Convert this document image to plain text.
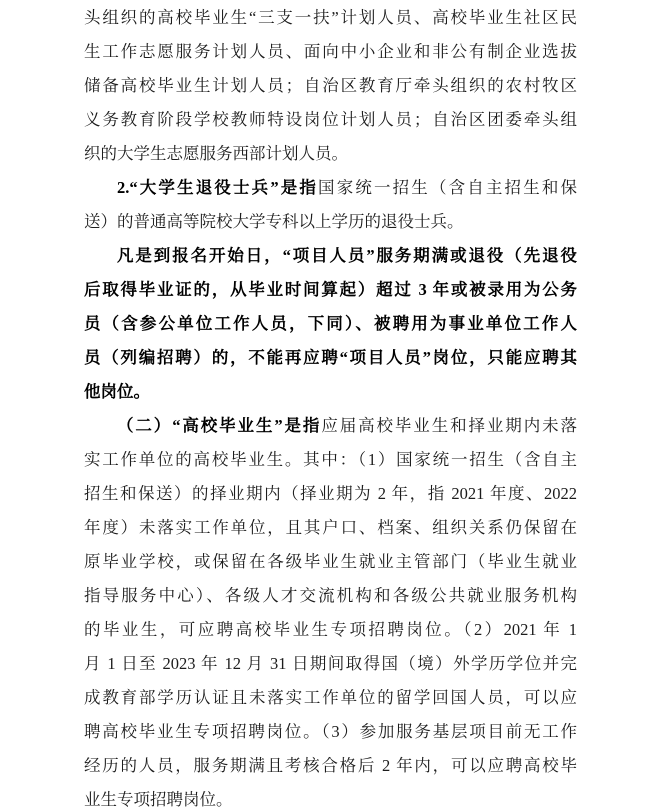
头组织的高校毕业生“三支一扶”计划人员、高校毕业生社区民
生工作志愿服务计划人员、面向中小企业和非公有制企业选拔
储备高校毕业生计划人员；自治区教育厅牵头组织的农村牧区
义务教育阶段学校教师特设岗位计划人员；自治区团委牵头组
织的大学生志愿服务西部计划人员。
2.“大学生退役士兵”是指国家统一招生（含自主招生和保
送）的普通高等院校大学专科以上学历的退役士兵。
凡是到报名开始日，“项目人员”服务期满或退役（先退役
后取得毕业证的，从毕业时间算起）超过 3 年或被录用为公务
员（含参公单位工作人员，下同）、被聘用为事业单位工作人
员（列编招聘）的，不能再应聘“项目人员”岗位，只能应聘其
他岗位。
（二）“高校毕业生”是指应届高校毕业生和择业期内未落
实工作单位的高校毕业生。其中：（1）国家统一招生（含自主
招生和保送）的择业期内（择业期为 2 年，指 2021 年度、2022
年度）未落实工作单位，且其户口、档案、组织关系仍保留在
原毕业学校，或保留在各级毕业生就业主管部门（毕业生就业
指导服务中心）、各级人才交流机构和各级公共就业服务机构
的毕业生，可应聘高校毕业生专项招聘岗位。（2）2021 年 1
月 1 日至 2023 年 12 月 31 日期间取得国（境）外学历学位并完
成教育部学历认证且未落实工作单位的留学回国人员，可以应
聘高校毕业生专项招聘岗位。（3）参加服务基层项目前无工作
经历的人员，服务期满且考核合格后 2 年内，可以应聘高校毕
业生专项招聘岗位。
